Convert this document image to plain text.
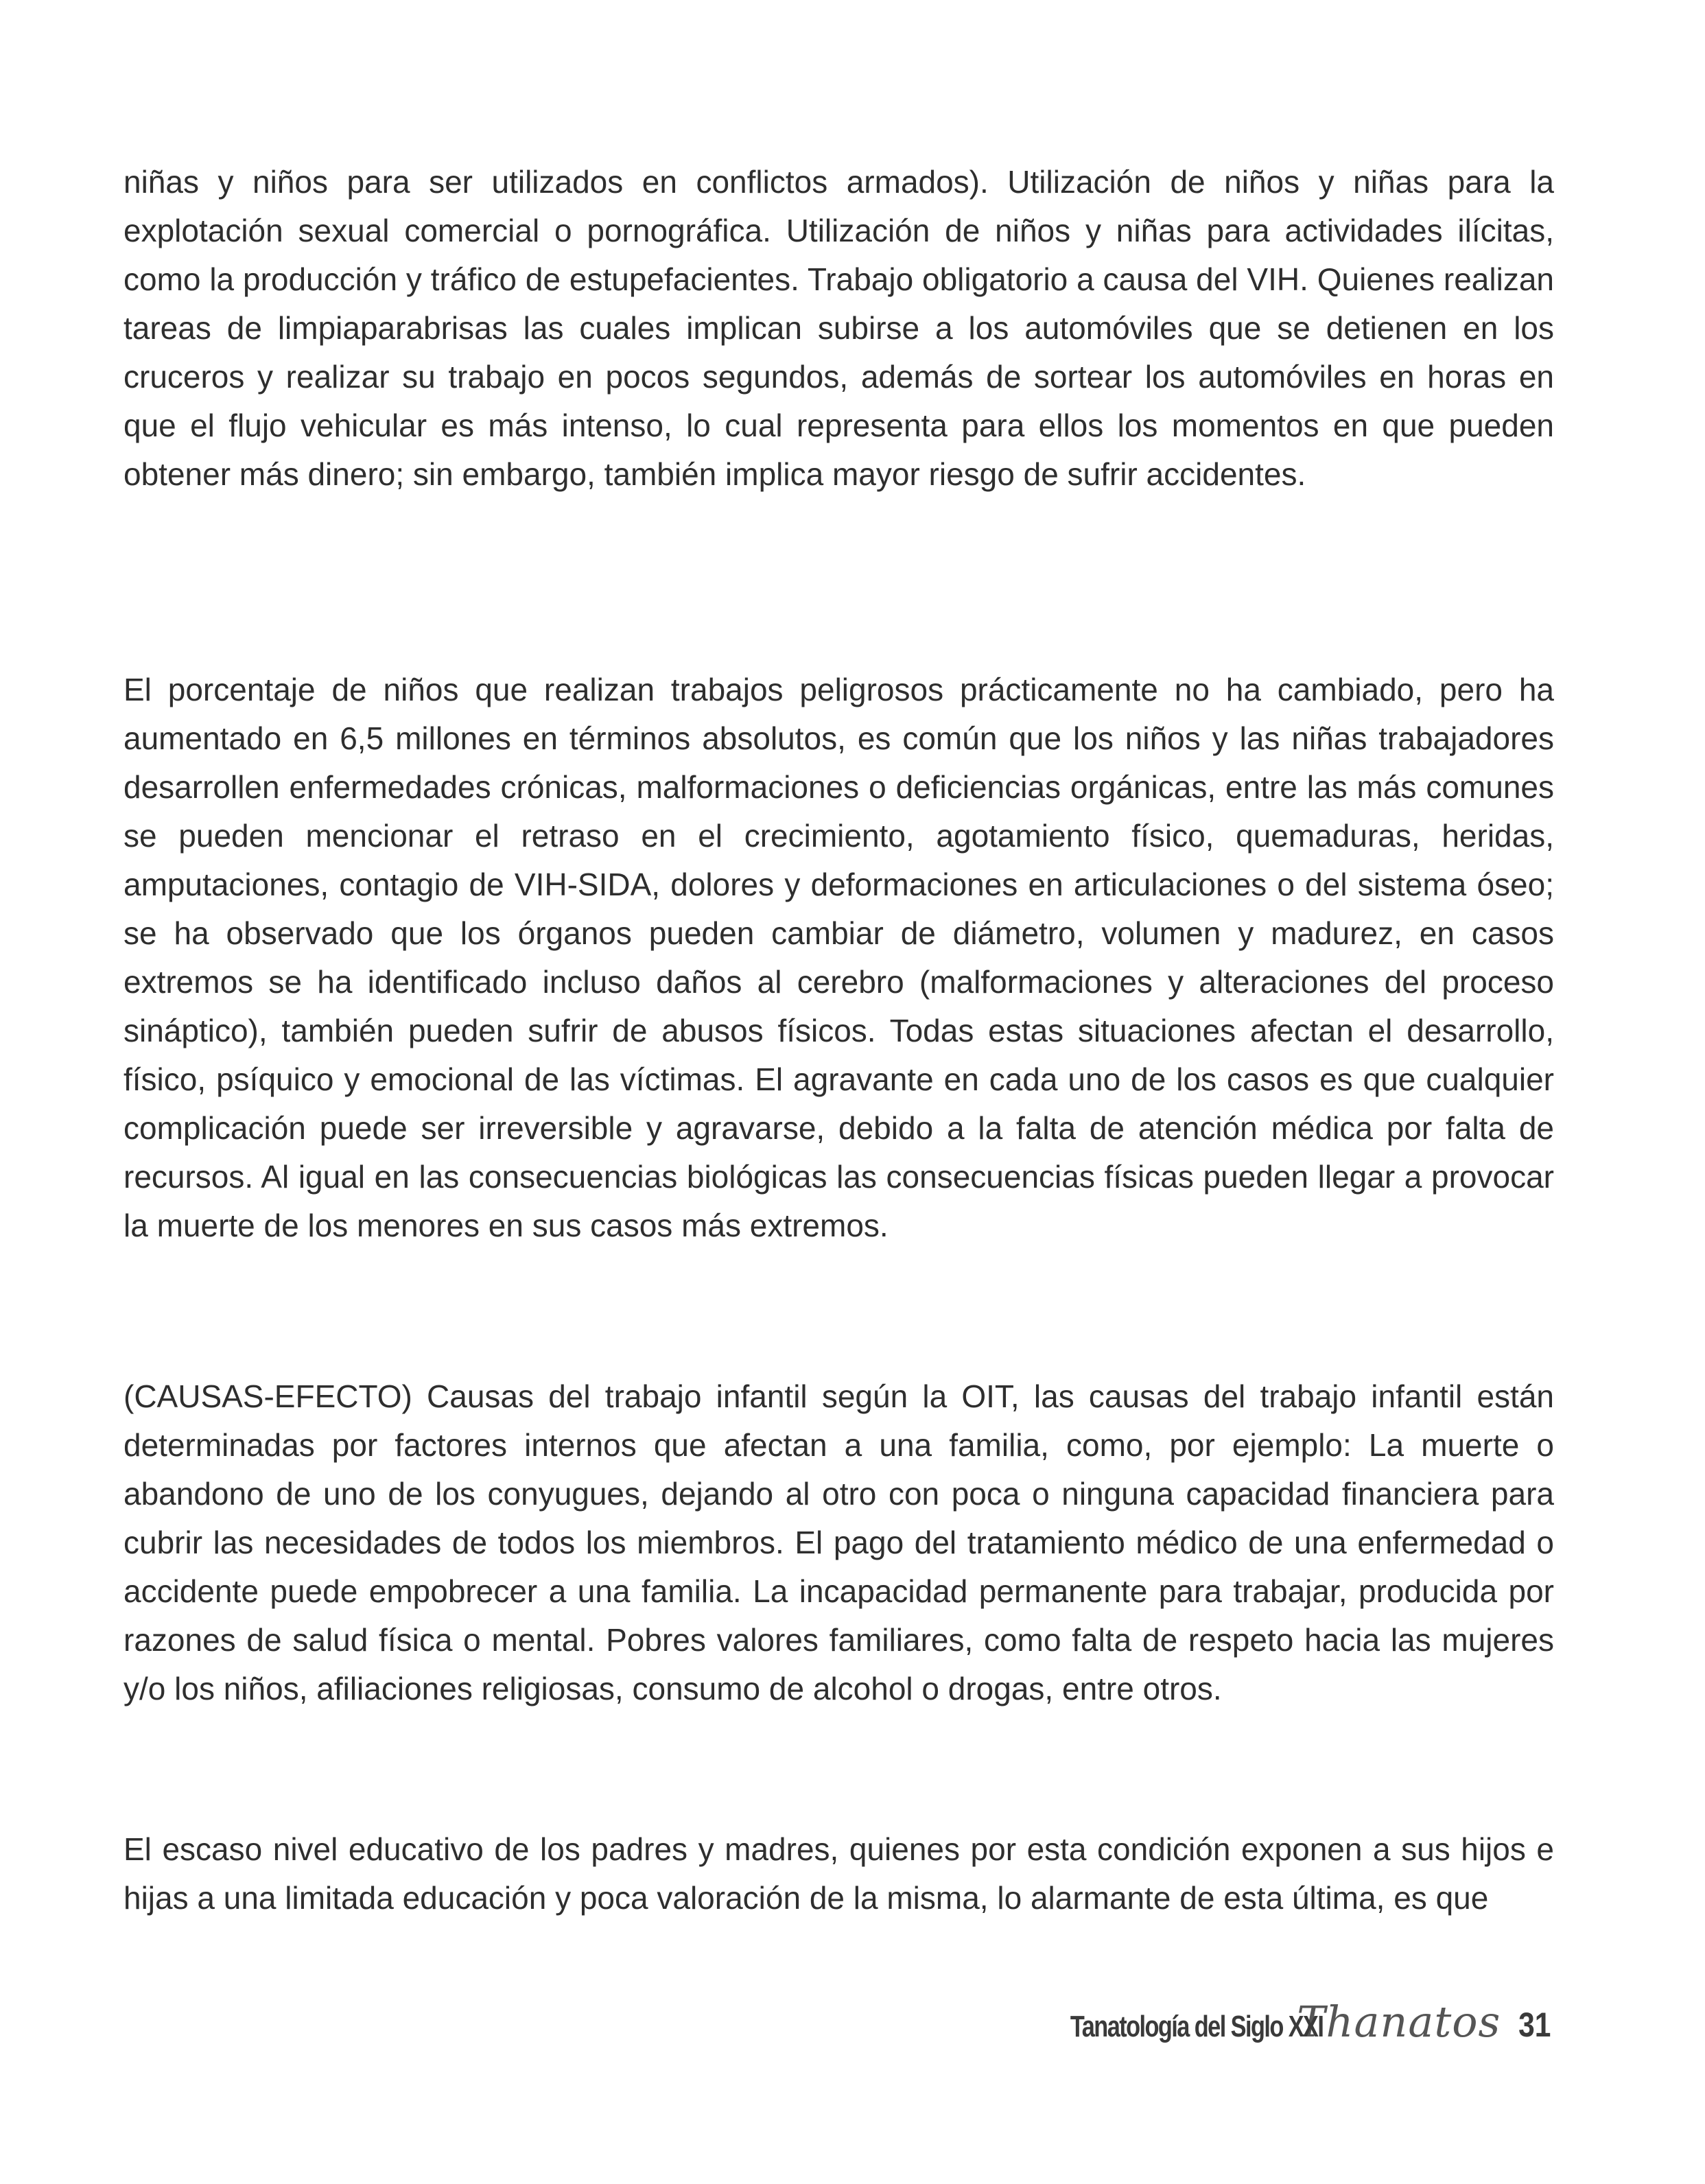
niñas y niños para ser utilizados en conflictos armados). Utilización de niños y niñas para la explotación sexual comercial o pornográfica. Utilización de niños y niñas para actividades ilícitas, como la producción y tráfico de estupefacientes. Trabajo obligatorio a causa del VIH. Quienes realizan tareas de limpiaparabrisas las cuales implican subirse a los automóviles que se detienen en los cruceros y realizar su trabajo en pocos segundos, además de sortear los automóviles en horas en que el flujo vehicular es más intenso, lo cual representa para ellos los momentos en que pueden obtener más dinero; sin embargo, también implica mayor riesgo de sufrir accidentes.

El porcentaje de niños que realizan trabajos peligrosos prácticamente no ha cambiado, pero ha aumentado en 6,5 millones en términos absolutos, es común que los niños y las niñas trabajadores desarrollen enfermedades crónicas, malformaciones o deficiencias orgánicas, entre las más comunes se pueden mencionar el retraso en el crecimiento, agotamiento físico, quemaduras, heridas, amputaciones, contagio de VIH-SIDA, dolores y deformaciones en articulaciones o del sistema óseo; se ha observado que los órganos pueden cambiar de diámetro, volumen y madurez, en casos extremos se ha identificado incluso daños al cerebro (malformaciones y alteraciones del proceso sináptico), también pueden sufrir de abusos físicos. Todas estas situaciones afectan el desarrollo, físico, psíquico y emocional de las víctimas. El agravante en cada uno de los casos es que cualquier complicación puede ser irreversible y agravarse, debido a la falta de atención médica por falta de recursos. Al igual en las consecuencias biológicas las consecuencias físicas pueden llegar a provocar la muerte de los menores en sus casos más extremos.

(CAUSAS-EFECTO) Causas del trabajo infantil según la OIT, las causas del trabajo infantil están determinadas por factores internos que afectan a una familia, como, por ejemplo: La muerte o abandono de uno de los conyugues, dejando al otro con poca o ninguna capacidad financiera para cubrir las necesidades de todos los miembros. El pago del tratamiento médico de una enfermedad o accidente puede empobrecer a una familia. La incapacidad permanente para trabajar, producida por razones de salud física o mental. Pobres valores familiares, como falta de respeto hacia las mujeres y/o los niños, afiliaciones religiosas, consumo de alcohol o drogas, entre otros.

El escaso nivel educativo de los padres y madres, quienes por esta condición exponen a sus hijos e hijas a una limitada educación y poca valoración de la misma, lo alarmante de esta última, es que

Tanatología del Siglo XXI
Thanatos 31
